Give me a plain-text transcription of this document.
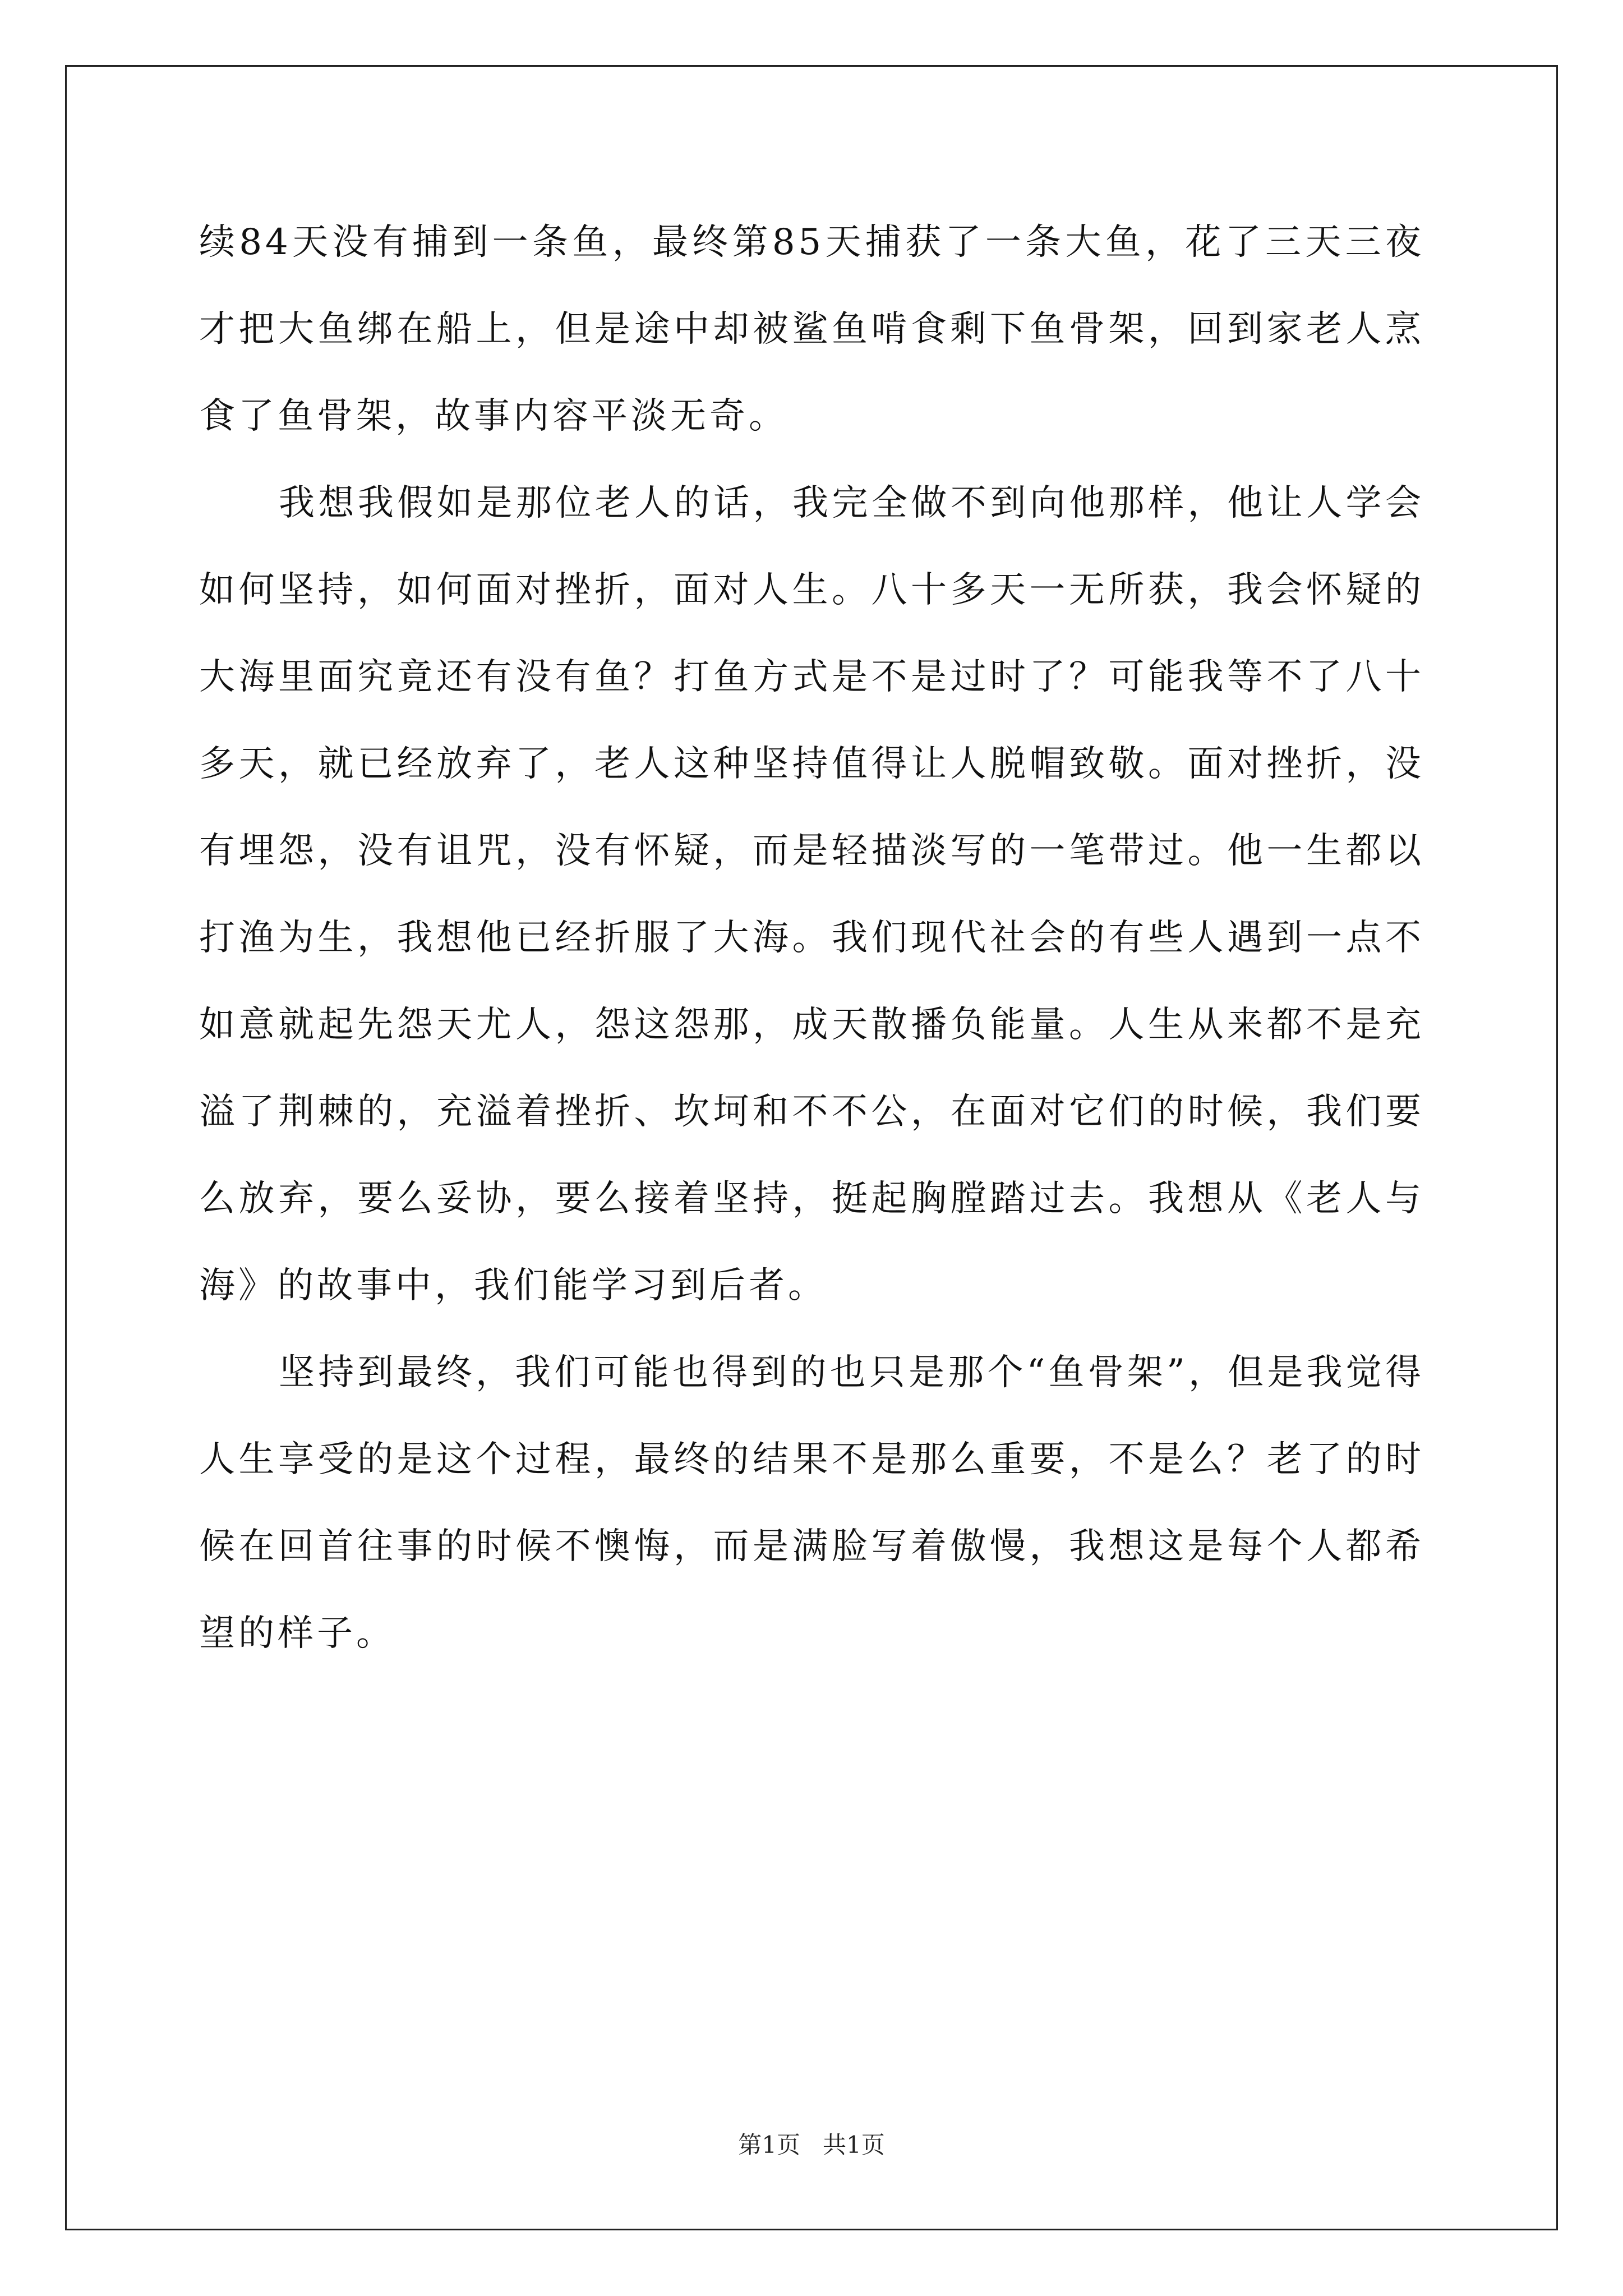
续84天没有捕到一条鱼，最终第85天捕获了一条大鱼，花了三天三夜才把大鱼绑在船上，但是途中却被鲨鱼啃食剩下鱼骨架，回到家老人烹食了鱼骨架，故事内容平淡无奇。

我想我假如是那位老人的话，我完全做不到向他那样，他让人学会如何坚持，如何面对挫折，面对人生。八十多天一无所获，我会怀疑的大海里面究竟还有没有鱼？打鱼方式是不是过时了？可能我等不了八十多天，就已经放弃了，老人这种坚持值得让人脱帽致敬。面对挫折，没有埋怨，没有诅咒，没有怀疑，而是轻描淡写的一笔带过。他一生都以打渔为生，我想他已经折服了大海。我们现代社会的有些人遇到一点不如意就起先怨天尤人，怨这怨那，成天散播负能量。人生从来都不是充溢了荆棘的，充溢着挫折、坎坷和不不公，在面对它们的时候，我们要么放弃，要么妥协，要么接着坚持，挺起胸膛踏过去。我想从《老人与海》的故事中，我们能学习到后者。

坚持到最终，我们可能也得到的也只是那个“鱼骨架”，但是我觉得人生享受的是这个过程，最终的结果不是那么重要，不是么？老了的时候在回首往事的时候不懊悔，而是满脸写着傲慢，我想这是每个人都希望的样子。

第1页 共1页
